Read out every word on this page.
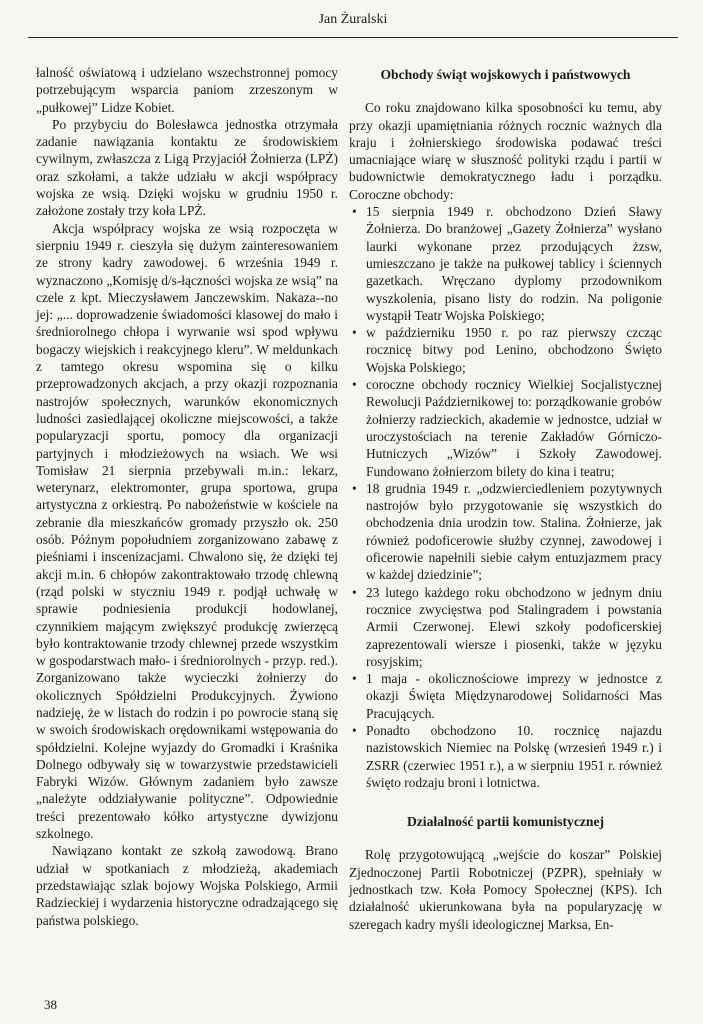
Jan Żuralski

łalność oświatową i udzielano wszechstronnej pomocy potrzebującym wsparcia paniom zrzeszonym w „pułkowej” Lidze Kobiet.

Po przybyciu do Bolesławca jednostka otrzymała zadanie nawiązania kontaktu ze środowiskiem cywilnym, zwłaszcza z Ligą Przyjaciół Żołnierza (LPŻ) oraz szkołami, a także udziału w akcji współpracy wojska ze wsią. Dzięki wojsku w grudniu 1950 r. założone zostały trzy koła LPŻ.

Akcja współpracy wojska ze wsią rozpoczęta w sierpniu 1949 r. cieszyła się dużym zainteresowaniem ze strony kadry zawodowej. 6 września 1949 r. wyznaczono „Komisję d/s-łączności wojska ze wsią” na czele z kpt. Mieczysławem Janczewskim. Nakaza--no jej: „... doprowadzenie świadomości klasowej do mało i średniorolnego chłopa i wyrwanie wsi spod wpływu bogaczy wiejskich i reakcyjnego kleru”. W meldunkach z tamtego okresu wspomina się o kilku przeprowadzonych akcjach, a przy okazji rozpoznania nastrojów społecznych, warunków ekonomicznych ludności zasiedlającej okoliczne miejscowości, a także popularyzacji sportu, pomocy dla organizacji partyjnych i młodzieżowych na wsiach. We wsi Tomisław 21 sierpnia przebywali m.in.: lekarz, weterynarz, elektromonter, grupa sportowa, grupa artystyczna z orkiestrą. Po nabożeństwie w kościele na zebranie dla mieszkańców gromady przyszło ok. 250 osób. Późnym popołudniem zorganizowano zabawę z pieśniami i inscenizacjami. Chwalono się, że dzięki tej akcji m.in. 6 chłopów zakontraktowało trzodę chlewną (rząd polski w styczniu 1949 r. podjął uchwałę w sprawie podniesienia produkcji hodowlanej, czynnikiem mającym zwiększyć produkcję zwierzęcą było kontraktowanie trzody chlewnej przede wszystkim w gospodarstwach mało- i średniorolnych - przyp. red.). Zorganizowano także wycieczki żołnierzy do okolicznych Spółdzielni Produkcyjnych. Żywiono nadzieję, że w listach do rodzin i po powrocie staną się w swoich środowiskach orędownikami wstępowania do spółdzielni. Kolejne wyjazdy do Gromadki i Kraśnika Dolnego odbywały się w towarzystwie przedstawicieli Fabryki Wizów. Głównym zadaniem było zawsze „należyte oddziaływanie polityczne”. Odpowiednie treści prezentowało kółko artystyczne dywizjonu szkolnego.

Nawiązano kontakt ze szkołą zawodową. Brano udział w spotkaniach z młodzieżą, akademiach przedstawiając szlak bojowy Wojska Polskiego, Armii Radzieckiej i wydarzenia historyczne odradzającego się państwa polskiego.

Obchody świąt wojskowych i państwowych

Co roku znajdowano kilka sposobności ku temu, aby przy okazji upamiętniania różnych rocznic ważnych dla kraju i żołnierskiego środowiska podawać treści umacniające wiarę w słuszność polityki rządu i partii w budownictwie demokratycznego ładu i porządku. Coroczne obchody:

• 15 sierpnia 1949 r. obchodzono Dzień Sławy Żołnierza. Do branżowej „Gazety Żołnierza” wysłano laurki wykonane przez przodujących żzsw, umieszczano je także na pułkowej tablicy i ściennych gazetkach. Wręczano dyplomy przodownikom wyszkolenia, pisano listy do rodzin. Na poligonie wystąpił Teatr Wojska Polskiego;
• w październiku 1950 r. po raz pierwszy czcząc rocznicę bitwy pod Lenino, obchodzono Święto Wojska Polskiego;
• coroczne obchody rocznicy Wielkiej Socjalistycznej Rewolucji Październikowej to: porządkowanie grobów żołnierzy radzieckich, akademie w jednostce, udział w uroczystościach na terenie Zakładów Górniczo-Hutniczych „Wizów” i Szkoły Zawodowej. Fundowano żołnierzom bilety do kina i teatru;
• 18 grudnia 1949 r. „odzwierciedleniem pozytywnych nastrojów było przygotowanie się wszystkich do obchodzenia dnia urodzin tow. Stalina. Żołnierze, jak również podoficerowie służby czynnej, zawodowej i oficerowie napełnili siebie całym entuzjazmem pracy w każdej dziedzinie”;
• 23 lutego każdego roku obchodzono w jednym dniu rocznice zwycięstwa pod Stalingradem i powstania Armii Czerwonej. Elewi szkoły podoficerskiej zaprezentowali wiersze i piosenki, także w języku rosyjskim;
• 1 maja - okolicznościowe imprezy w jednostce z okazji Święta Międzynarodowej Solidarności Mas Pracujących.
• Ponadto obchodzono 10. rocznicę najazdu nazistowskich Niemiec na Polskę (wrzesień 1949 r.) i ZSRR (czerwiec 1951 r.), a w sierpniu 1951 r. również święto rodzaju broni i lotnictwa.
Działalność partii komunistycznej

Rolę przygotowującą „wejście do koszar” Polskiej Zjednoczonej Partii Robotniczej (PZPR), spełniały w jednostkach tzw. Koła Pomocy Społecznej (KPS). Ich działalność ukierunkowana była na popularyzację w szeregach kadry myśli ideologicznej Marksa, En-

38
